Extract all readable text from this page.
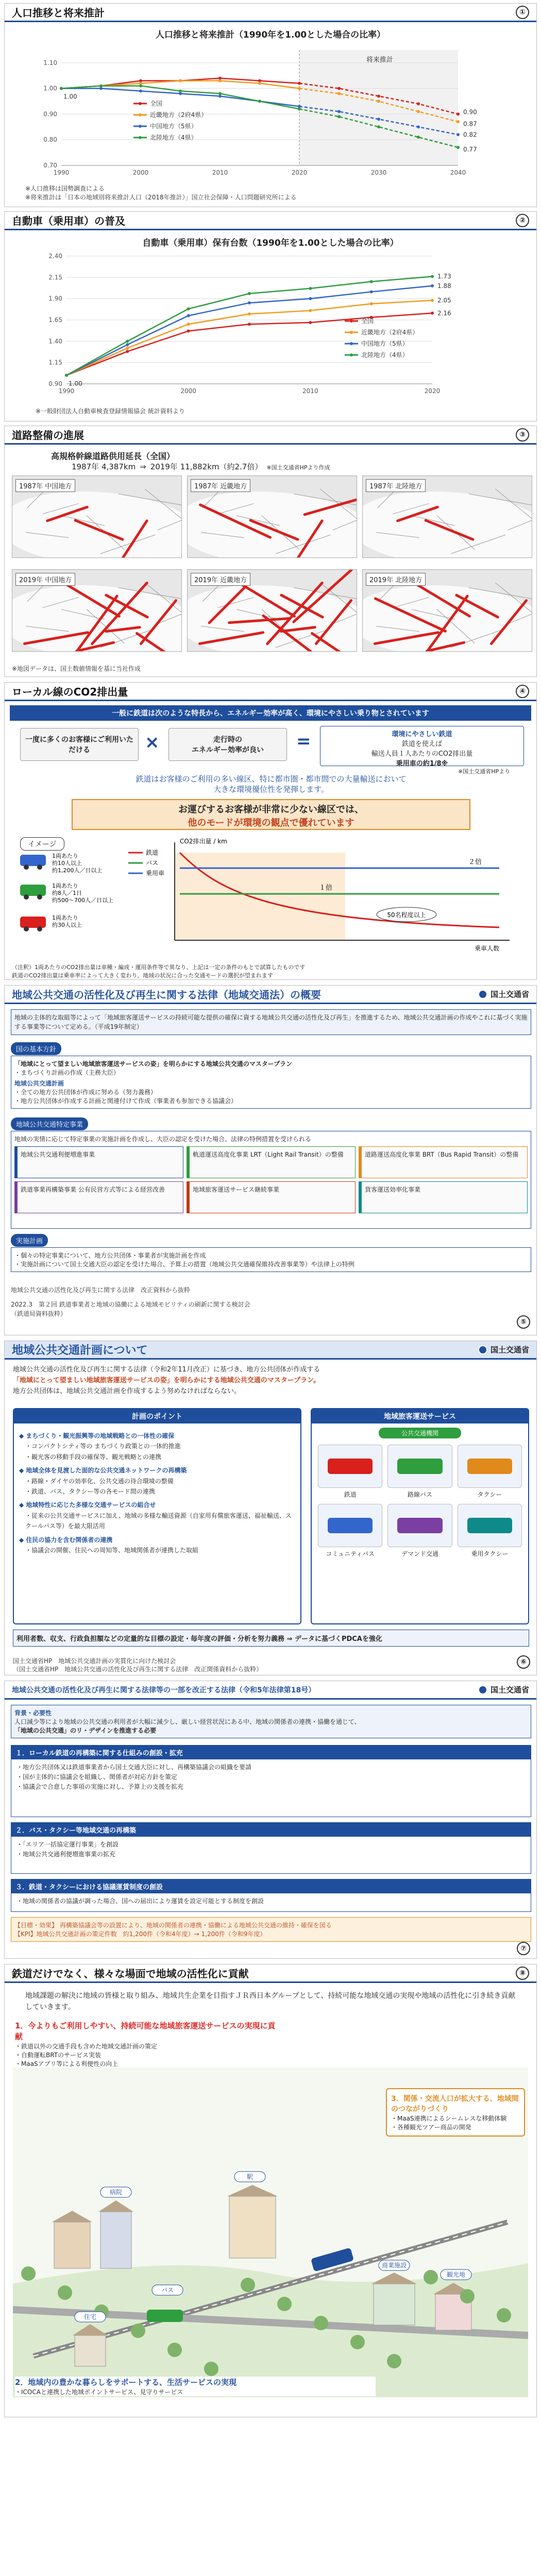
人口推移と将来推計	①
人口推移と将来推計（1990年を1.00とした場合の比率）
0.70
0.80
0.90
1.00
1.10
1990	2000	2010	2020	2030	2040
0.90
全国
0.87
近畿地方（2府4県）
0.82
中国地方（5県）
0.77
北陸地方（4県）
1.00
将来推計
※人口推移は国勢調査による
※将来推計は「日本の地域別将来推計人口（2018年推計）」国立社会保障・人口問題研究所による
自動車（乗用車）の普及	②
自動車（乗用車）保有台数（1990年を1.00とした場合の比率）
0.90
1.15
1.40
1.65
1.90
2.15
2.40
1990	2000	2010	2020
2.16
全国
2.05
近畿地方（2府4県）
1.88
中国地方（5県）
1.73
北陸地方（4県）
1.00
※一般財団法人自動車検査登録情報協会 統計資料より
道路整備の進展	③
高規格幹線道路供用延長（全国）
1987年 4,387km ⇒ 2019年 11,882km（約2.7倍） ※国土交通省HPより作成
1987年 中国地方	1987年 近畿地方	1987年 北陸地方
2019年 中国地方	2019年 近畿地方	2019年 北陸地方
※地図データは、国土数値情報を基に当社作成
ローカル線のCO2排出量	④
一般に鉄道は次のような特長から、エネルギー効率が高く、環境にやさしい乗り物とされています
一度に多くのお客様にご利用いただける	×	走行時の
エネルギー効率が良い	=	環境にやさしい鉄道
鉄道を使えば
輸送人員１人あたりのCO2排出量
乗用車の約1/8※
※国土交通省HPより
鉄道はお客様のご利用の多い線区、特に都市圏・都市間での大量輸送において
大きな環境優位性を発揮します。
お運びするお客様が非常に少ない線区では、
他のモードが環境の観点で優れています
イメージ	CO2排出量 / km
乗車人数
２倍
１倍
50名程度以上
鉄道
バス
乗用車
1両あたり
約10人以上
約1,200人／日以上
1両あたり
約8人／1日
約500〜700人／日以上
1両あたり
約30人以上
（注釈）1両あたりのCO2排出量は車種・編成・運用条件等で異なり、上記は一定の条件のもとで試算したものです
鉄道のCO2排出量は乗車率によって大きく変わり、地域の状況に合った交通モードの選択が望まれます
地域公共交通の活性化及び再生に関する法律（地域交通法）の概要	国土交通省
地域の主体的な取組等によって「地域旅客運送サービスの持続可能な提供の確保に資する地域公共交通の活性化及び再生」を推進するため、地域公共交通計画の作成やこれに基づく実施する事業等について定める。（平成19年制定）
国の基本方針
「地域にとって望ましい地域旅客運送サービスの姿」を明らかにする地域公共交通のマスタープラン
・まちづくり計画の作成（主務大臣）
地域公共交通計画
・全ての地方公共団体が作成に努める（努力義務）
・地方公共団体が作成する計画と関連付けて作成（事業者も参加できる協議会）
地域公共交通特定事業
地域の実情に応じて特定事業の実施計画を作成し、大臣の認定を受けた場合、法律の特例措置を受けられる
地域公共交通利便増進事業	軌道運送高度化事業 LRT（Light Rail Transit）の整備	道路運送高度化事業 BRT（Bus Rapid Transit）の整備
鉄道事業再構築事業 公有民営方式等による経営改善	地域旅客運送サービス継続事業	貨客運送効率化事業
実施計画
・個々の特定事業について、地方公共団体・事業者が実施計画を作成
・実施計画について国土交通大臣の認定を受けた場合、予算上の措置（地域公共交通確保維持改善事業等）や法律上の特例
地域公共交通の活性化及び再生に関する法律　改正資料から抜粋
2022.3　第２回 鉄道事業者と地域の協働による地域モビリティの刷新に関する検討会
（鉄道局資料抜粋）
⑤
地域公共交通計画について	国土交通省
地域公共交通の活性化及び再生に関する法律（令和2年11月改正）に基づき、地方公共団体が作成する
「地域にとって望ましい地域旅客運送サービスの姿」を明らかにする地域公共交通のマスタープラン。
地方公共団体は、地域公共交通計画を作成するよう努めなければならない。
計画のポイント
◆ まちづくり・観光振興等の地域戦略との一体性の確保
・コンパクトシティ等の まちづくり政策との一体的推進
・観光客の移動手段の確保等、観光戦略との連携
◆ 地域全体を見渡した面的な公共交通ネットワークの再構築
・路線・ダイヤの効率化、公共交通の待合環境の整備
・鉄道、バス、タクシー等の各モード間の連携
◆ 地域特性に応じた多様な交通サービスの組合せ
・従来の公共交通サービスに加え、地域の多様な輸送資源（自家用有償旅客運送、福祉輸送、スクールバス等）を最大限活用
◆ 住民の協力を含む関係者の連携
・協議会の開催、住民への周知等、地域関係者が連携した取組
地域旅客運送サービス
公共交通機関
鉄道	路線バス	タクシー
コミュニティバス	デマンド交通	乗用タクシー
利用者数、収支、行政負担額などの定量的な目標の設定・毎年度の評価・分析を努力義務 ⇒ データに基づくPDCAを強化
国土交通省HP　地域公共交通計画の実質化に向けた検討会
（国土交通省HP　地域公共交通の活性化及び再生に関する法律　改正関係資料から抜粋）
⑥
地域公共交通の活性化及び再生に関する法律等の一部を改正する法律（令和5年法律第18号）	国土交通省
背景・必要性
人口減少等により地域の公共交通の利用者が大幅に減少し、厳しい経営状況にある中、地域の関係者の連携・協働を通じて、
「地域の公共交通」のリ・デザインを推進する必要
１．ローカル鉄道の再構築に関する仕組みの創設・拡充
・地方公共団体又は鉄道事業者から国土交通大臣に対し、再構築協議会の組織を要請
・国が主体的に協議会を組織し、関係者が対応方針を策定
・協議会で合意した事項の実施に対し、予算上の支援を拡充
２．バス・タクシー等地域交通の再構築
・「エリア一括協定運行事業」を創設
・地域公共交通利便増進事業の拡充
３．鉄道・タクシーにおける協議運賃制度の創設
・地域の関係者の協議が調った場合、国への届出により運賃を設定可能とする制度を創設
【目標・効果】 再構築協議会等の設置により、地域の関係者の連携・協働による地域公共交通の維持・確保を図る
【KPI】地域公共交通計画の策定件数　約1,200件（令和4年度）→ 1,200件（令和9年度）
⑦
鉄道だけでなく、様々な場面で地域の活性化に貢献	⑧
地域課題の解決に地域の皆様と取り組み、地域共生企業を目指すＪＲ西日本グループとして、持続可能な地域交通の実現や地域の活性化に引き続き貢献していきます。
1．今よりもご利用しやすい、持続可能な地域旅客運送サービスの実現に貢献
・鉄道以外の交通手段も含めた地域交通計画の策定
・自動運転BRTのサービス実装
・MaaSアプリ等による利便性の向上
駅
バス
病院
商業施設
住宅
観光地
3．関係・交流人口が拡大する、地域間のつながりづくり
・MaaS連携によるシームレスな移動体験
・各種観光ツアー商品の開発
2．地域内の豊かな暮らしをサポートする、生活サービスの実現
・ICOCAと連携した地域ポイントサービス、見守りサービス
